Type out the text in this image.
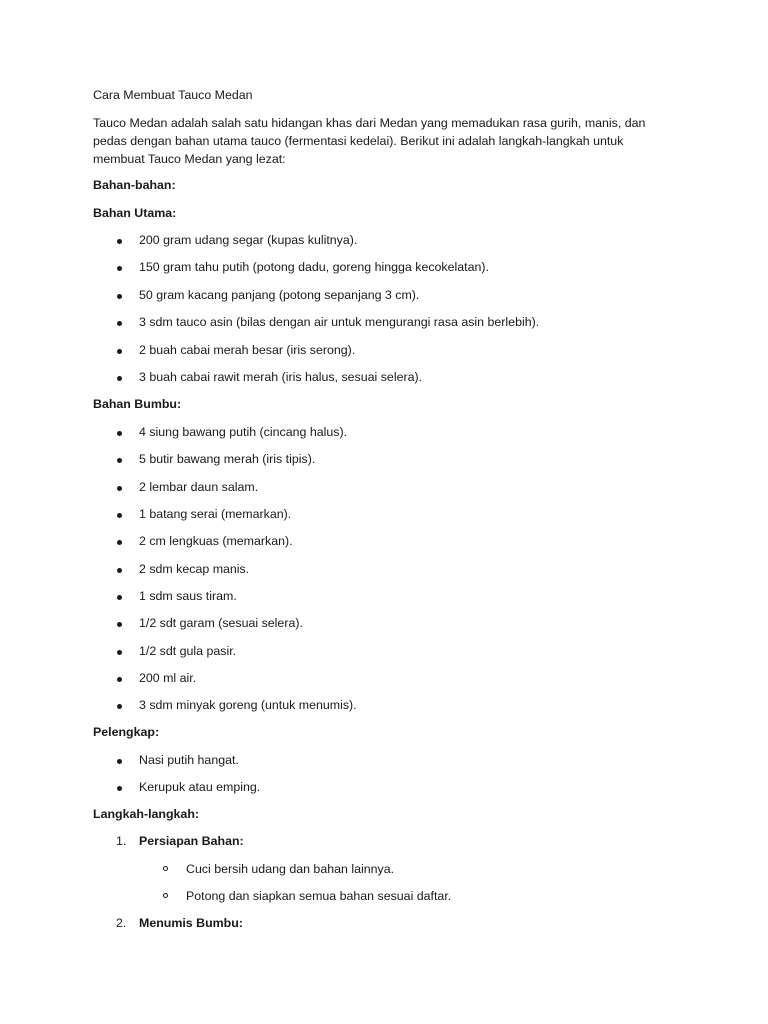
Cara Membuat Tauco Medan

Tauco Medan adalah salah satu hidangan khas dari Medan yang memadukan rasa gurih, manis, dan pedas dengan bahan utama tauco (fermentasi kedelai). Berikut ini adalah langkah-langkah untuk membuat Tauco Medan yang lezat:

Bahan-bahan:

Bahan Utama:

200 gram udang segar (kupas kulitnya).
150 gram tahu putih (potong dadu, goreng hingga kecokelatan).
50 gram kacang panjang (potong sepanjang 3 cm).
3 sdm tauco asin (bilas dengan air untuk mengurangi rasa asin berlebih).
2 buah cabai merah besar (iris serong).
3 buah cabai rawit merah (iris halus, sesuai selera).

Bahan Bumbu:

4 siung bawang putih (cincang halus).
5 butir bawang merah (iris tipis).
2 lembar daun salam.
1 batang serai (memarkan).
2 cm lengkuas (memarkan).
2 sdm kecap manis.
1 sdm saus tiram.
1/2 sdt garam (sesuai selera).
1/2 sdt gula pasir.
200 ml air.
3 sdm minyak goreng (untuk menumis).

Pelengkap:

Nasi putih hangat.
Kerupuk atau emping.

Langkah-langkah:

1. Persiapan Bahan:
Cuci bersih udang dan bahan lainnya.
Potong dan siapkan semua bahan sesuai daftar.
2. Menumis Bumbu:
